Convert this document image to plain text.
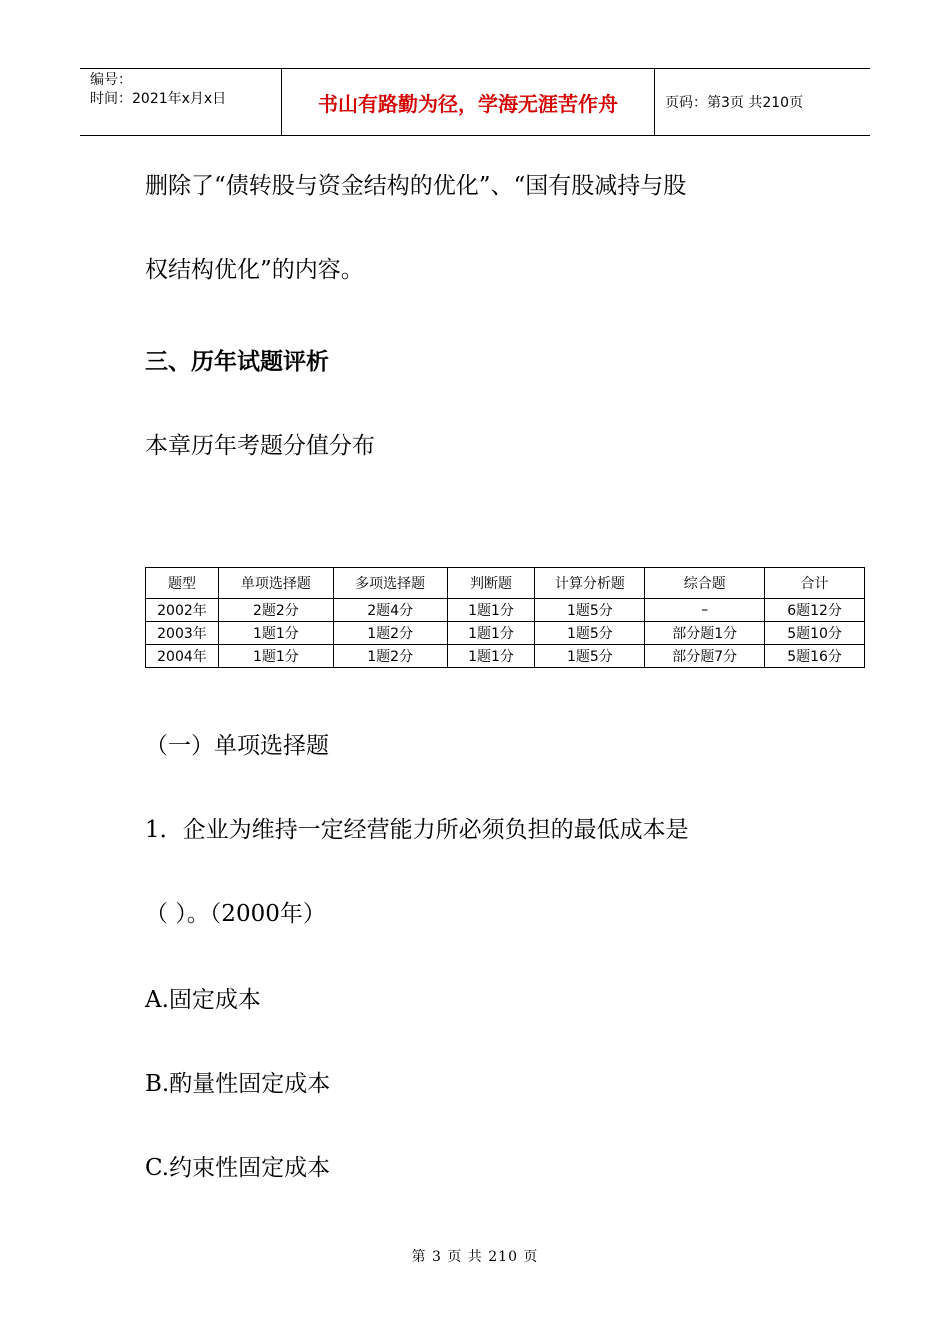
编号：
时间：2021年x月x日	书山有路勤为径，学海无涯苦作舟	页码：第3页 共210页
删除了“债转股与资金结构的优化”、“国有股减持与股
权结构优化”的内容。
三、历年试题评析
本章历年考题分值分布
题型	单项选择题	多项选择题	判断题	计算分析题	综合题	合计
2002年	2题2分	2题4分	1题1分	1题5分	–	6题12分
2003年	1题1分	1题2分	1题1分	1题5分	部分题1分	5题10分
2004年	1题1分	1题2分	1题1分	1题5分	部分题7分	5题16分
（一）单项选择题
1．企业为维持一定经营能力所必须负担的最低成本是
（ ）。（2000年）
A.固定成本
B.酌量性固定成本
C.约束性固定成本
第 3 页 共 210 页
